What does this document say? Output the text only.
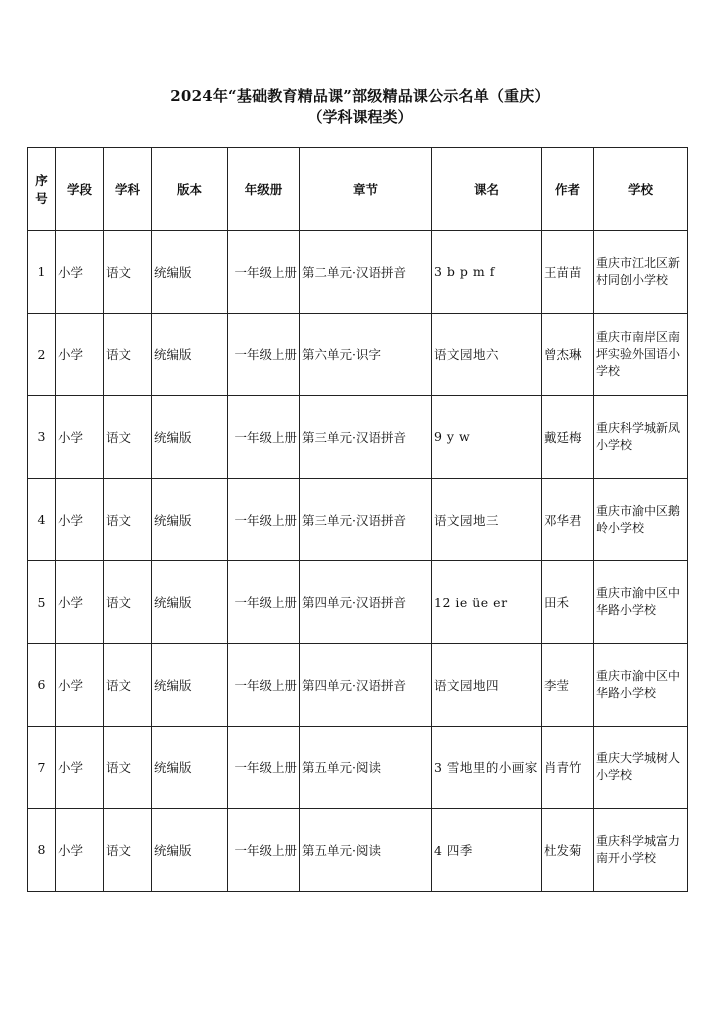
2024年“基础教育精品课”部级精品课公示名单（重庆）
（学科课程类）
序号	学段	学科	版本	年级册	章节	课名	作者	学校
1	小学	语文	统编版	一年级上册	第二单元·汉语拼音	3 b p m f	王苗苗	重庆市江北区新村同创小学校
2	小学	语文	统编版	一年级上册	第六单元·识字	语文园地六	曾杰琳	重庆市南岸区南坪实验外国语小学校
3	小学	语文	统编版	一年级上册	第三单元·汉语拼音	9 y w	戴廷梅	重庆科学城新凤小学校
4	小学	语文	统编版	一年级上册	第三单元·汉语拼音	语文园地三	邓华君	重庆市渝中区鹅岭小学校
5	小学	语文	统编版	一年级上册	第四单元·汉语拼音	12 ie üe er	田禾	重庆市渝中区中华路小学校
6	小学	语文	统编版	一年级上册	第四单元·汉语拼音	语文园地四	李莹	重庆市渝中区中华路小学校
7	小学	语文	统编版	一年级上册	第五单元·阅读	3 雪地里的小画家	肖青竹	重庆大学城树人小学校
8	小学	语文	统编版	一年级上册	第五单元·阅读	4 四季	杜发菊	重庆科学城富力南开小学校
